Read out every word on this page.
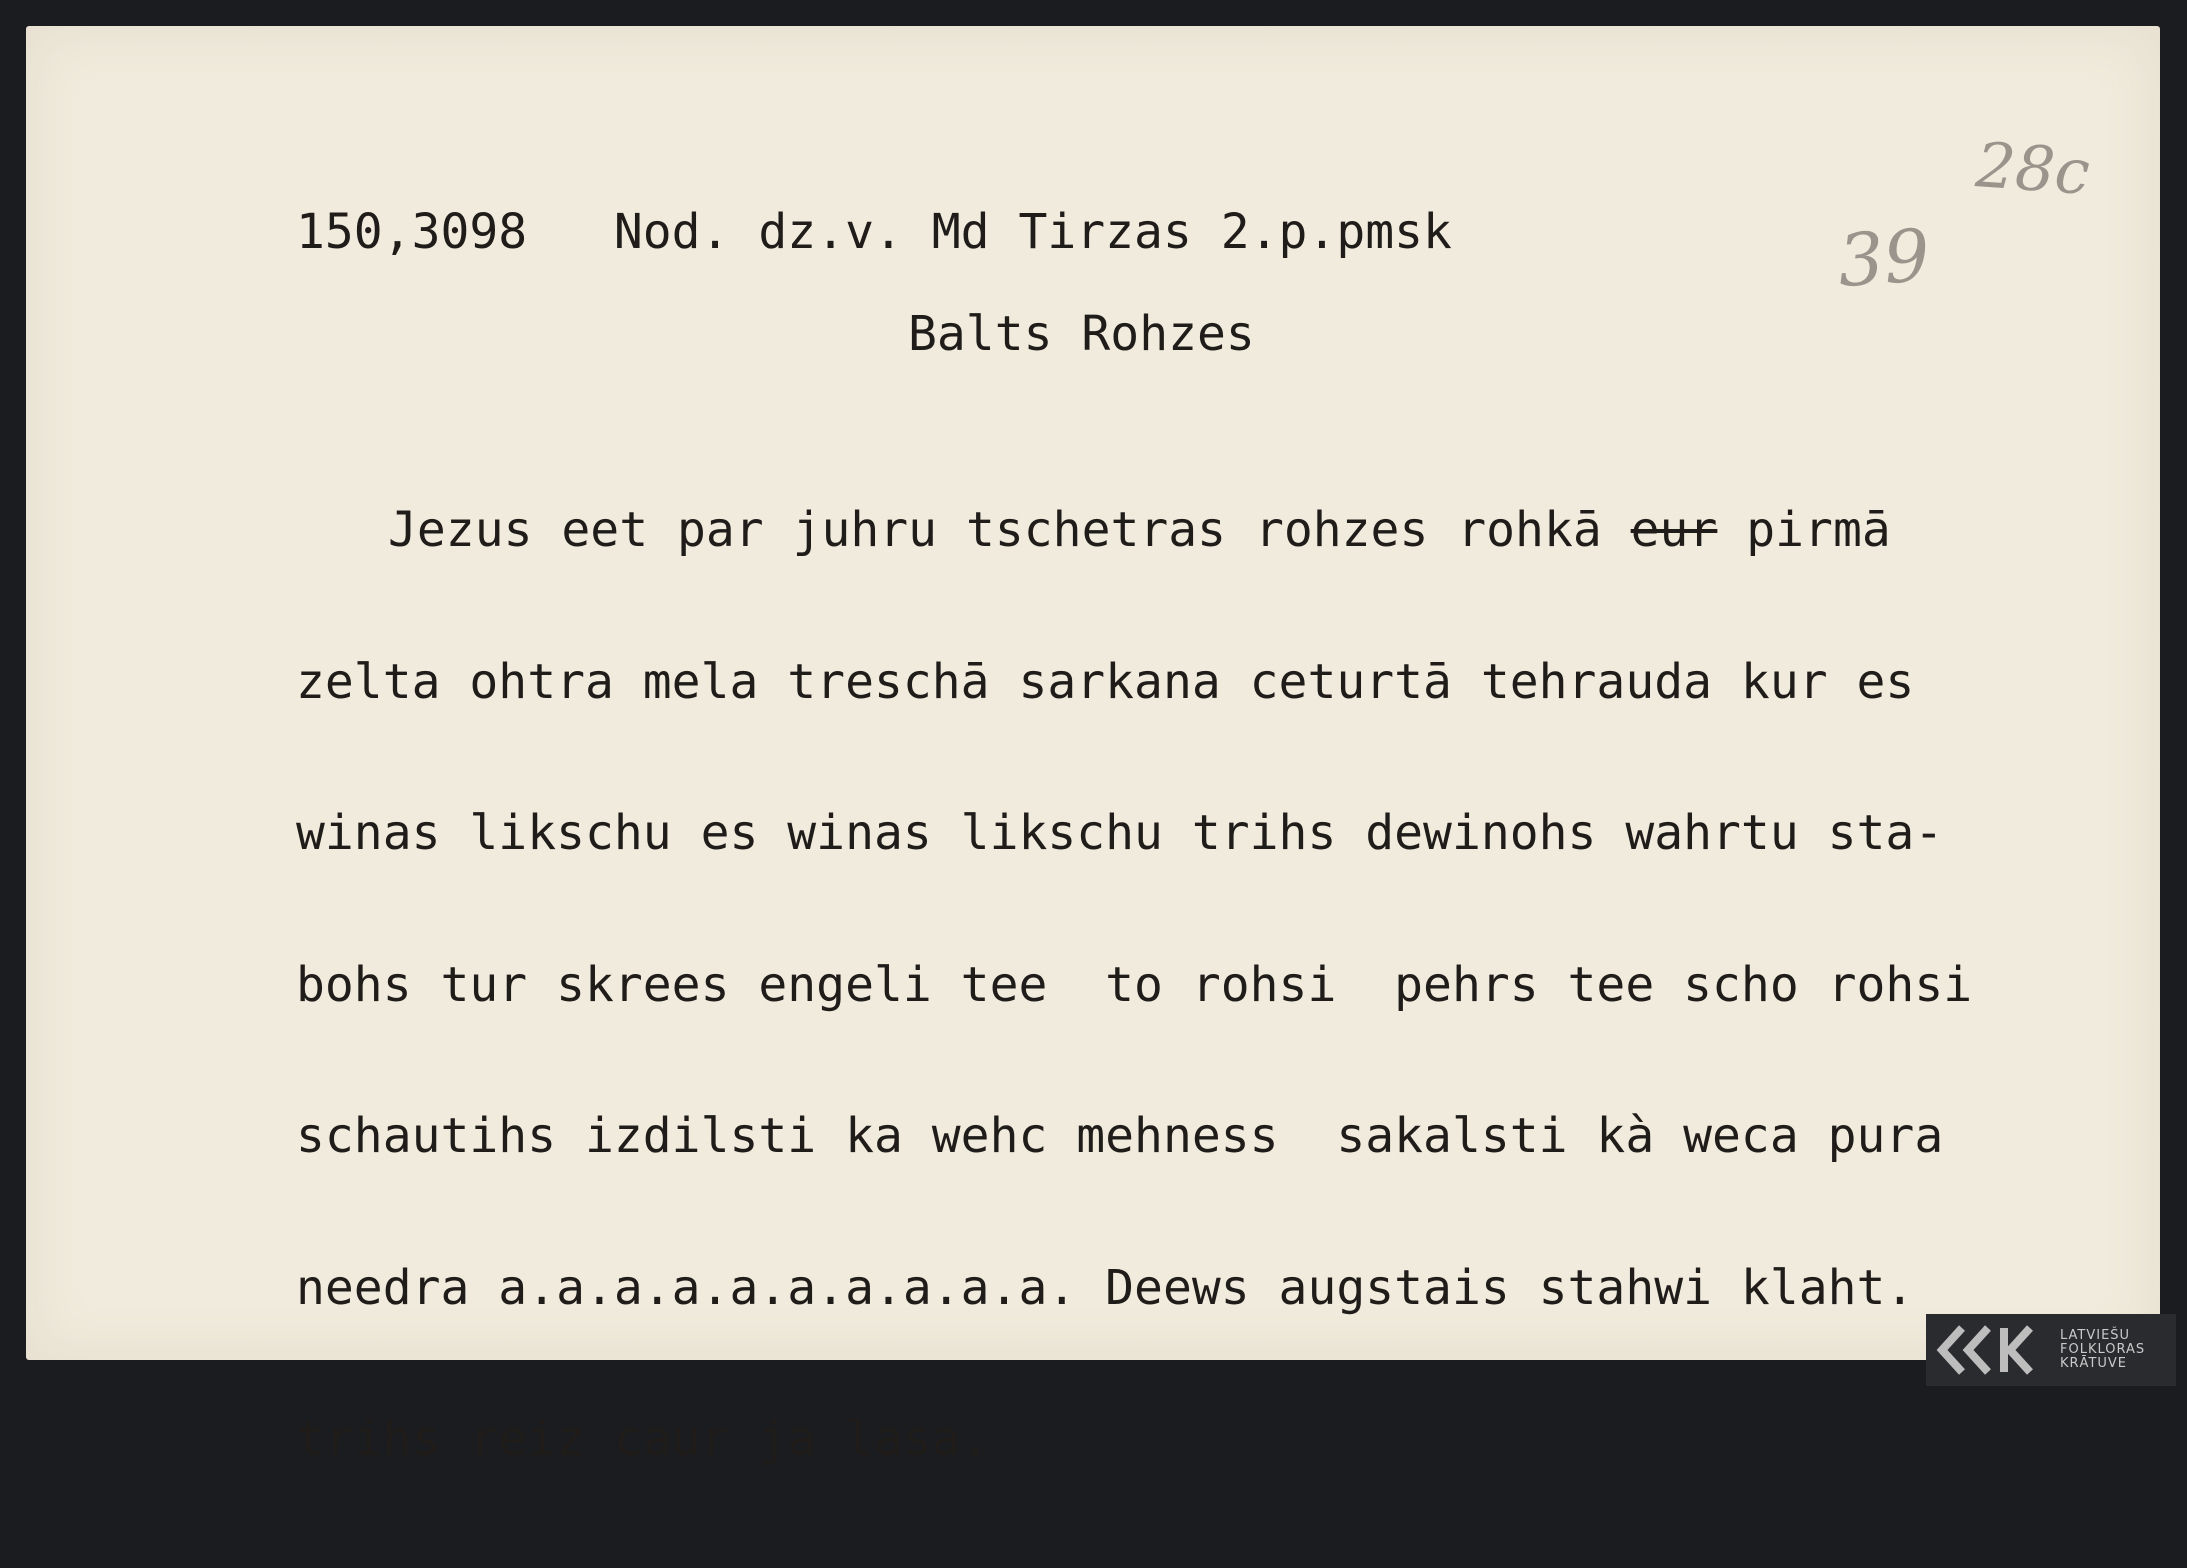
150,3098   Nod. dz.v. Md Tirzas 2.p.pmsk
Balts Rohzes

Jezus eet par juhru tschetras rohzes rohkā eur pirmā

zelta ohtra mela treschā sarkana ceturtā tehrauda kur es

winas likschu es winas likschu trihs dewinohs wahrtu sta-

bohs tur skrees engeli tee  to rohsi  pehrs tee scho rohsi

schautihs izdilsti ka wehc mehness  sakalsti kà weca pura

needra a.a.a.a.a.a.a.a.a.a. Deews augstais stahwi klaht.

trihs reiz caur ja lasa.

28c
39
LATVIEŠU
FOLKLORAS
KRĀTUVE
